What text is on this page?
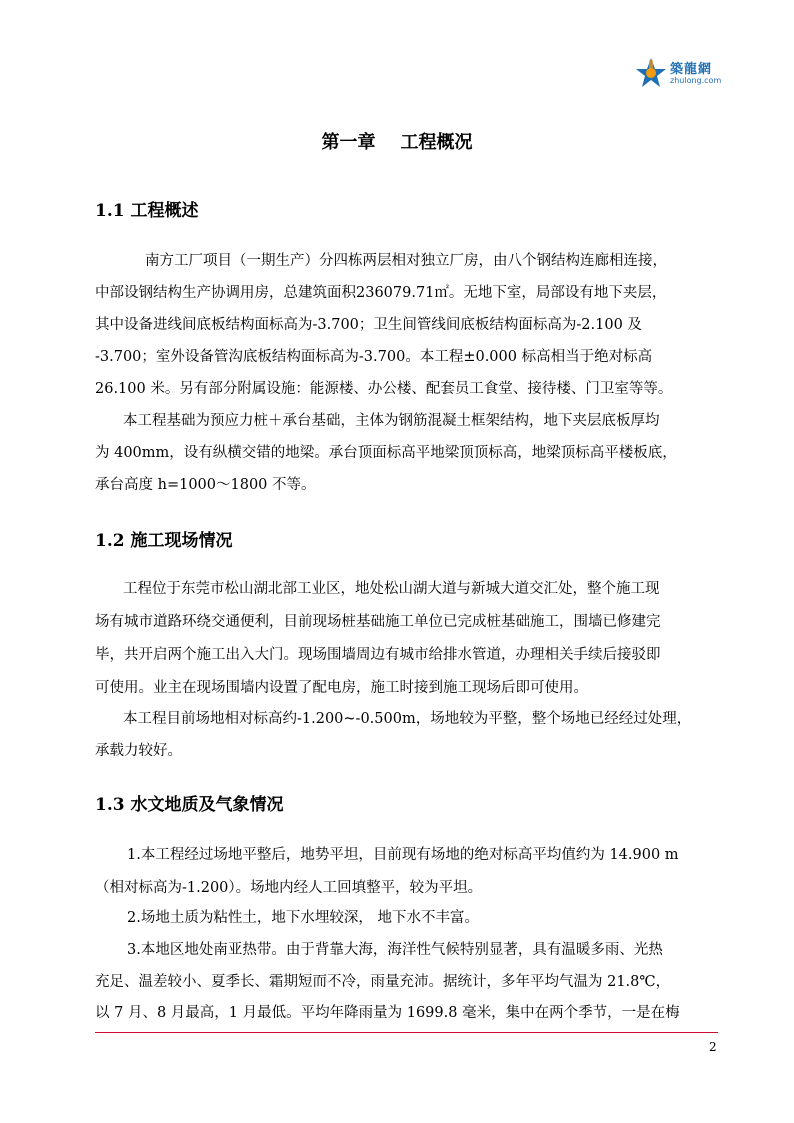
築龍網
zhulong.com
第一章    工程概况
1.1 工程概述
南方工厂项目（一期生产）分四栋两层相对独立厂房，由八个钢结构连廊相连接，
中部设钢结构生产协调用房，总建筑面积236079.71㎡。无地下室，局部设有地下夹层，
其中设备进线间底板结构面标高为-3.700；卫生间管线间底板结构面标高为-2.100 及
-3.700；室外设备管沟底板结构面标高为-3.700。本工程±0.000 标高相当于绝对标高
26.100 米。另有部分附属设施：能源楼、办公楼、配套员工食堂、接待楼、门卫室等等。
本工程基础为预应力桩＋承台基础，主体为钢筋混凝土框架结构，地下夹层底板厚均
为 400mm，设有纵横交错的地梁。承台顶面标高平地梁顶顶标高，地梁顶标高平楼板底，
承台高度 h=1000～1800 不等。
1.2 施工现场情况
工程位于东莞市松山湖北部工业区，地处松山湖大道与新城大道交汇处，整个施工现
场有城市道路环绕交通便利，目前现场桩基础施工单位已完成桩基础施工，围墙已修建完
毕，共开启两个施工出入大门。现场围墙周边有城市给排水管道，办理相关手续后接驳即
可使用。业主在现场围墙内设置了配电房，施工时接到施工现场后即可使用。
本工程目前场地相对标高约-1.200~-0.500m，场地较为平整，整个场地已经经过处理，
承载力较好。
1.3 水文地质及气象情况
1.本工程经过场地平整后，地势平坦，目前现有场地的绝对标高平均值约为 14.900 m
（相对标高为-1.200）。场地内经人工回填整平，较为平坦。
2.场地土质为粘性土，地下水埋较深， 地下水不丰富。
3.本地区地处南亚热带。由于背靠大海，海洋性气候特别显著，具有温暖多雨、光热
充足、温差较小、夏季长、霜期短而不冷，雨量充沛。据统计，多年平均气温为 21.8℃，
以 7 月、8 月最高，1 月最低。平均年降雨量为 1699.8 毫米，集中在两个季节，一是在梅
2
